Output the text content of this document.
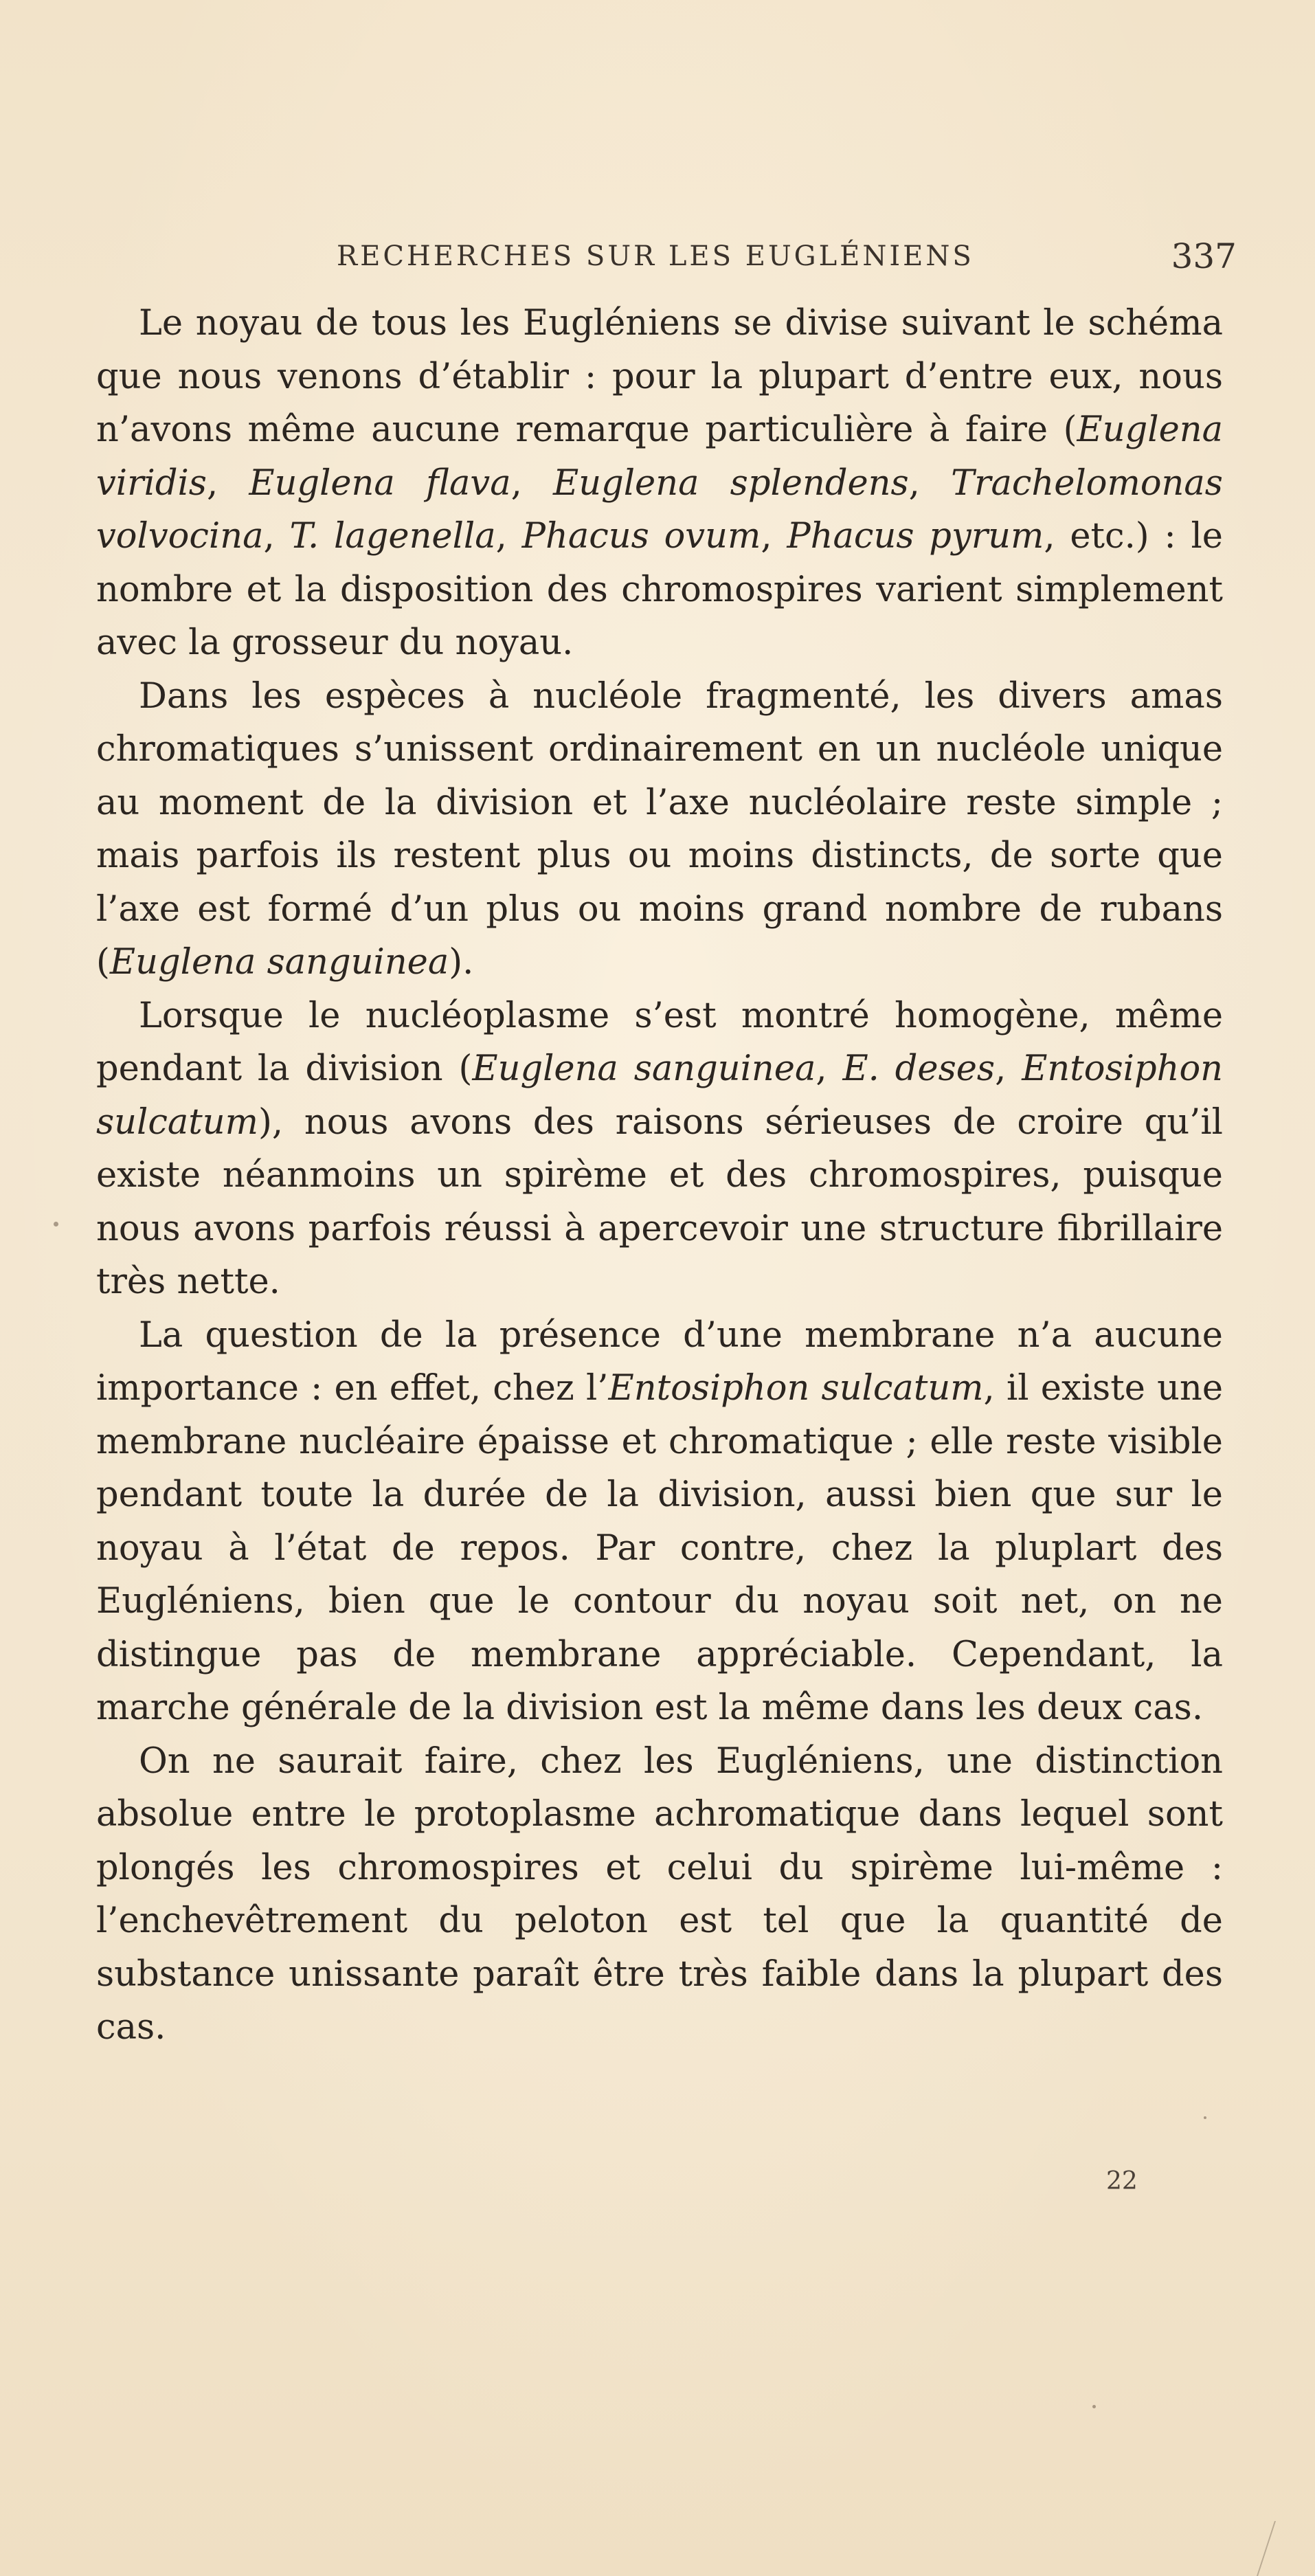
RECHERCHES SUR LES EUGLÉNIENS	337

Le noyau de tous les Eugléniens se divise suivant le schéma que nous venons d’établir : pour la plupart d’entre eux, nous n’avons même aucune remarque particulière à faire (Euglena viridis, Euglena flava, Euglena splendens, Trachelomonas volvocina, T. lagenella, Phacus ovum, Phacus pyrum, etc.) : le nombre et la disposition des chromospires varient simplement avec la grosseur du noyau.

Dans les espèces à nucléole fragmenté, les divers amas chromatiques s’unissent ordinairement en un nucléole unique au moment de la division et l’axe nucléolaire reste simple ; mais parfois ils restent plus ou moins distincts, de sorte que l’axe est formé d’un plus ou moins grand nombre de rubans (Euglena sanguinea).

Lorsque le nucléoplasme s’est montré homogène, même pendant la division (Euglena sanguinea, E. deses, Entosiphon sulcatum), nous avons des raisons sérieuses de croire qu’il existe néanmoins un spirème et des chromospires, puisque nous avons parfois réussi à apercevoir une structure fibrillaire très nette.

La question de la présence d’une membrane n’a aucune importance : en effet, chez l’Entosiphon sulcatum, il existe une membrane nucléaire épaisse et chromatique ; elle reste visible pendant toute la durée de la division, aussi bien que sur le noyau à l’état de repos. Par contre, chez la pluplart des Eugléniens, bien que le contour du noyau soit net, on ne distingue pas de membrane appréciable. Cependant, la marche générale de la division est la même dans les deux cas.

On ne saurait faire, chez les Eugléniens, une distinction absolue entre le protoplasme achromatique dans lequel sont plongés les chromospires et celui du spirème lui-même : l’enchevêtrement du peloton est tel que la quantité de substance unissante paraît être très faible dans la plupart des cas.

22
